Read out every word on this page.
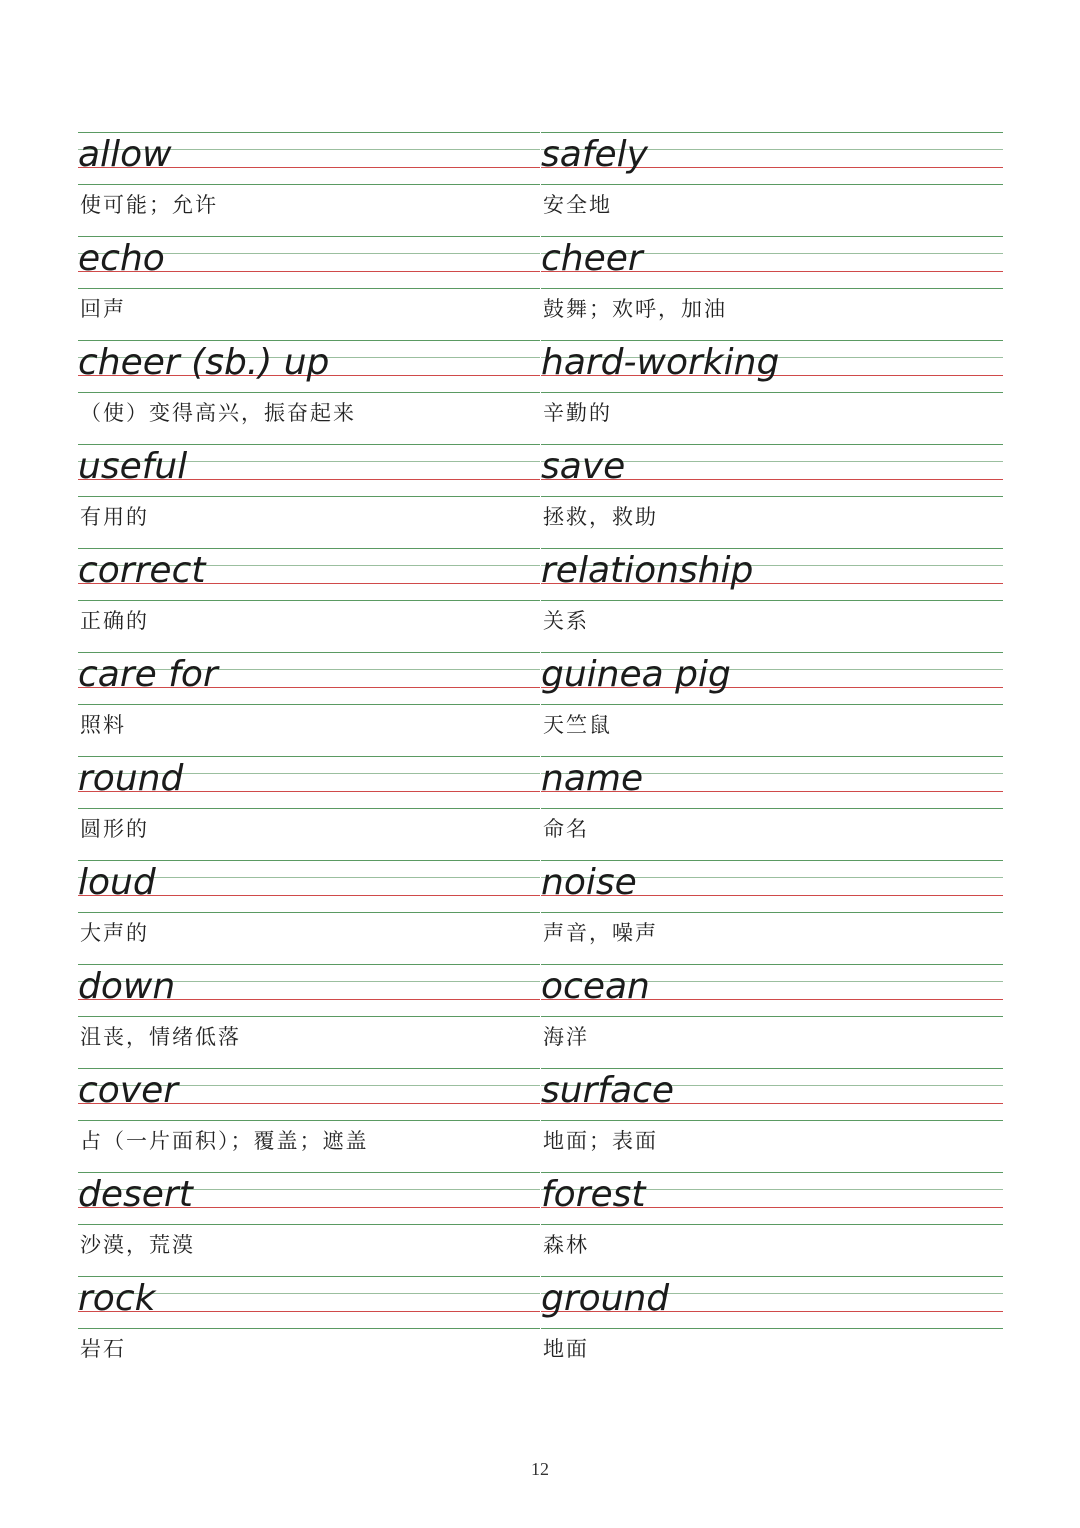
allow
使可能；允许
safely
安全地
echo
回声
cheer
鼓舞；欢呼，加油
cheer (sb.) up
（使）变得高兴，振奋起来
hard-working
辛勤的
useful
有用的
save
拯救，救助
correct
正确的
relationship
关系
care for
照料
guinea pig
天竺鼠
round
圆形的
name
命名
loud
大声的
noise
声音，噪声
down
沮丧，情绪低落
ocean
海洋
cover
占（一片面积）；覆盖；遮盖
surface
地面；表面
desert
沙漠，荒漠
forest
森林
rock
岩石
ground
地面
12
